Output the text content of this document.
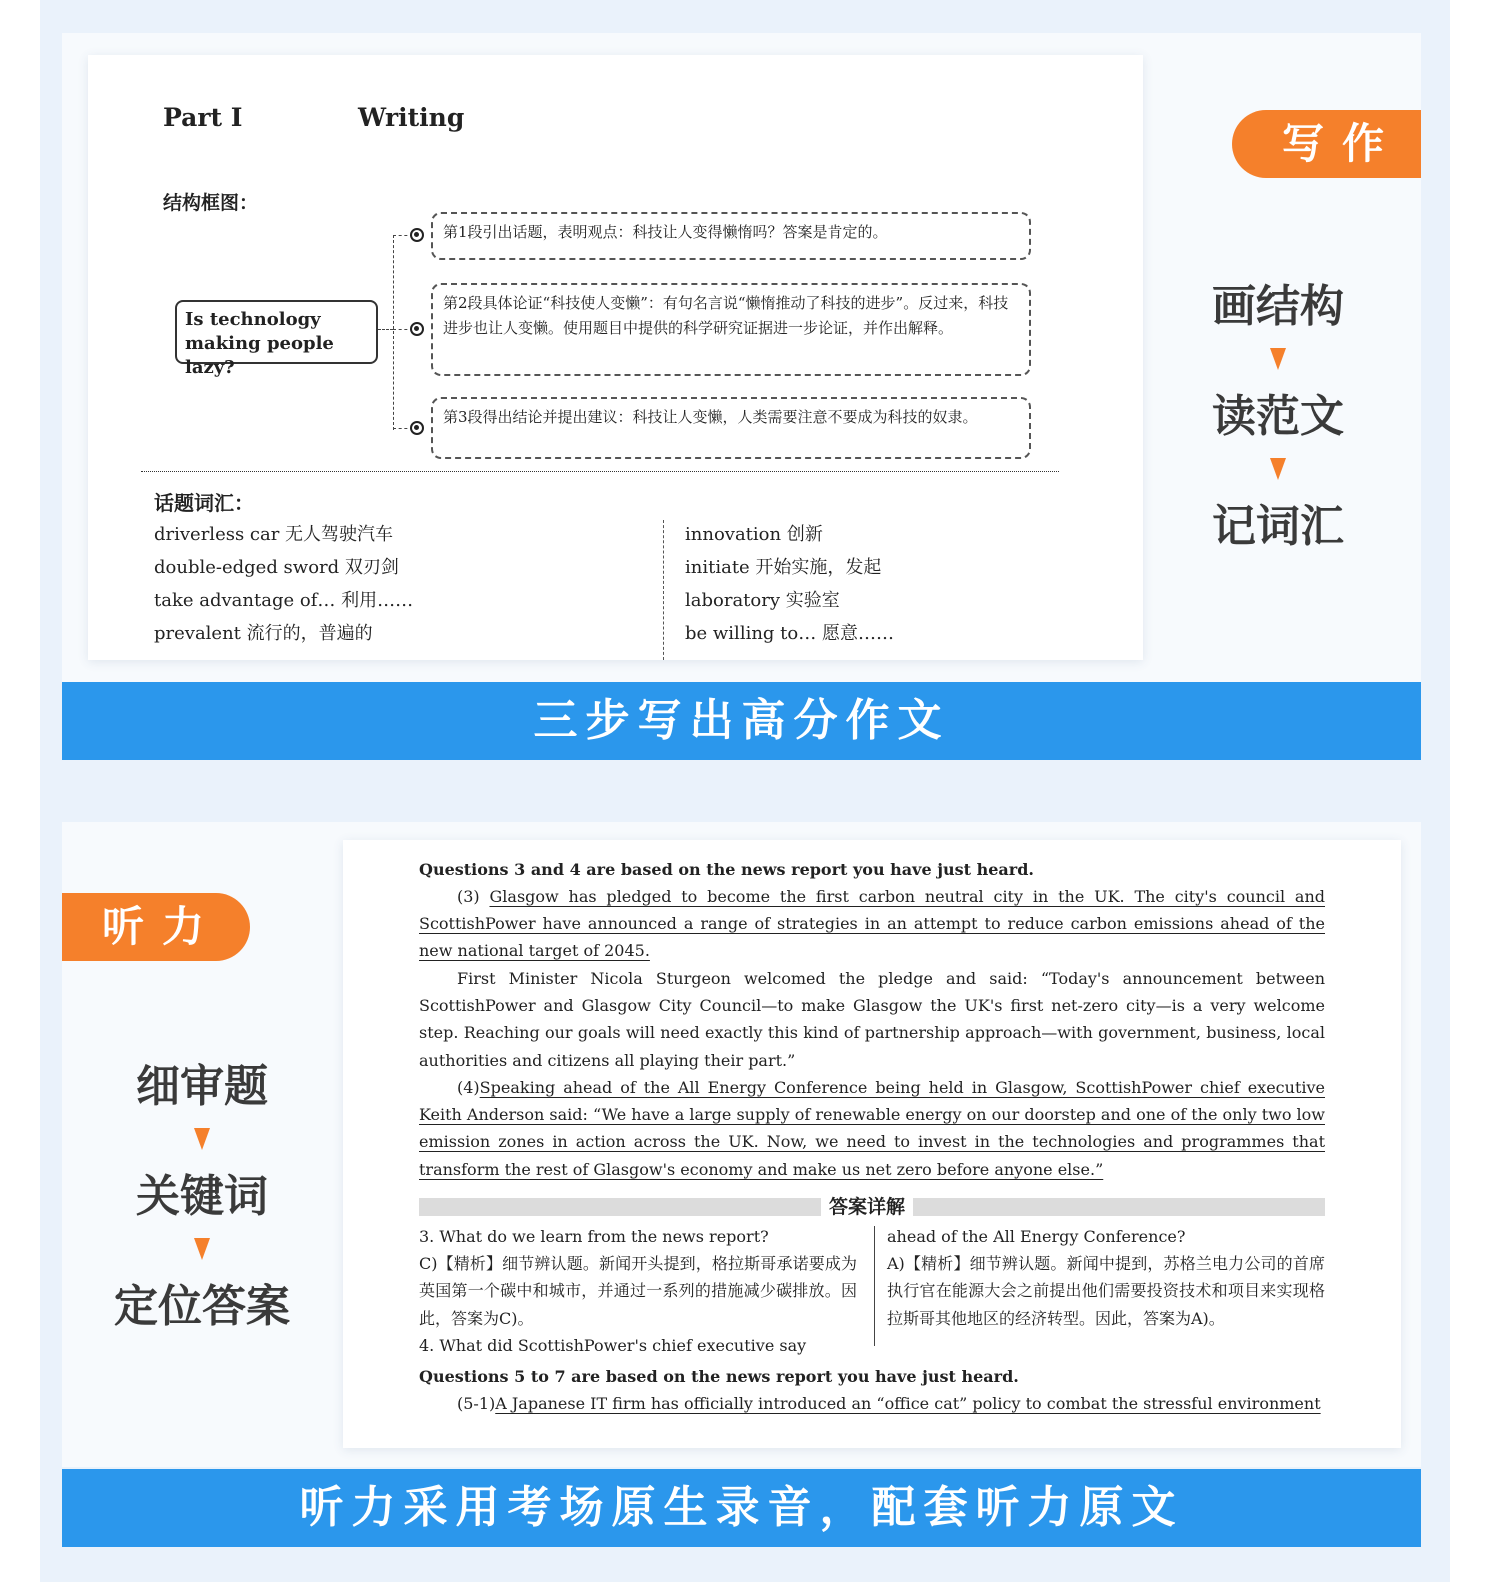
Part Ⅰ	Writing
结构框图：
Is technology making people lazy?
第1段引出话题，表明观点：科技让人变得懒惰吗？答案是肯定的。
第2段具体论证“科技使人变懒”：有句名言说“懒惰推动了科技的进步”。反过来，科技进步也让人变懒。使用题目中提供的科学研究证据进一步论证，并作出解释。
第3段得出结论并提出建议：科技让人变懒，人类需要注意不要成为科技的奴隶。
话题词汇：
driverless car 无人驾驶汽车
double-edged sword 双刃剑
take advantage of… 利用……
prevalent 流行的，普遍的
innovation 创新
initiate 开始实施，发起
laboratory 实验室
be willing to… 愿意……
写作
画结构
读范文
记词汇
三步写出高分作文
听力
细审题
关键词
定位答案
Questions 3 and 4 are based on the news report you have just heard.
(3) Glasgow has pledged to become the first carbon neutral city in the UK. The city's council and ScottishPower have announced a range of strategies in an attempt to reduce carbon emissions ahead of the new national target of 2045.
First Minister Nicola Sturgeon welcomed the pledge and said: “Today's announcement between ScottishPower and Glasgow City Council—to make Glasgow the UK's first net-zero city—is a very welcome step. Reaching our goals will need exactly this kind of partnership approach—with government, business, local authorities and citizens all playing their part.”
(4)Speaking ahead of the All Energy Conference being held in Glasgow, ScottishPower chief executive Keith Anderson said: “We have a large supply of renewable energy on our doorstep and one of the only two low emission zones in action across the UK. Now, we need to invest in the technologies and programmes that transform the rest of Glasgow's economy and make us net zero before anyone else.”
答案详解
3. What do we learn from the news report?
C)【精析】细节辨认题。新闻开头提到，格拉斯哥承诺要成为英国第一个碳中和城市，并通过一系列的措施减少碳排放。因此，答案为C)。
4. What did ScottishPower's chief executive say
ahead of the All Energy Conference?
A)【精析】细节辨认题。新闻中提到，苏格兰电力公司的首席执行官在能源大会之前提出他们需要投资技术和项目来实现格拉斯哥其他地区的经济转型。因此，答案为A)。
Questions 5 to 7 are based on the news report you have just heard.
(5-1)A Japanese IT firm has officially introduced an “office cat” policy to combat the stressful environment
听力采用考场原生录音，配套听力原文
